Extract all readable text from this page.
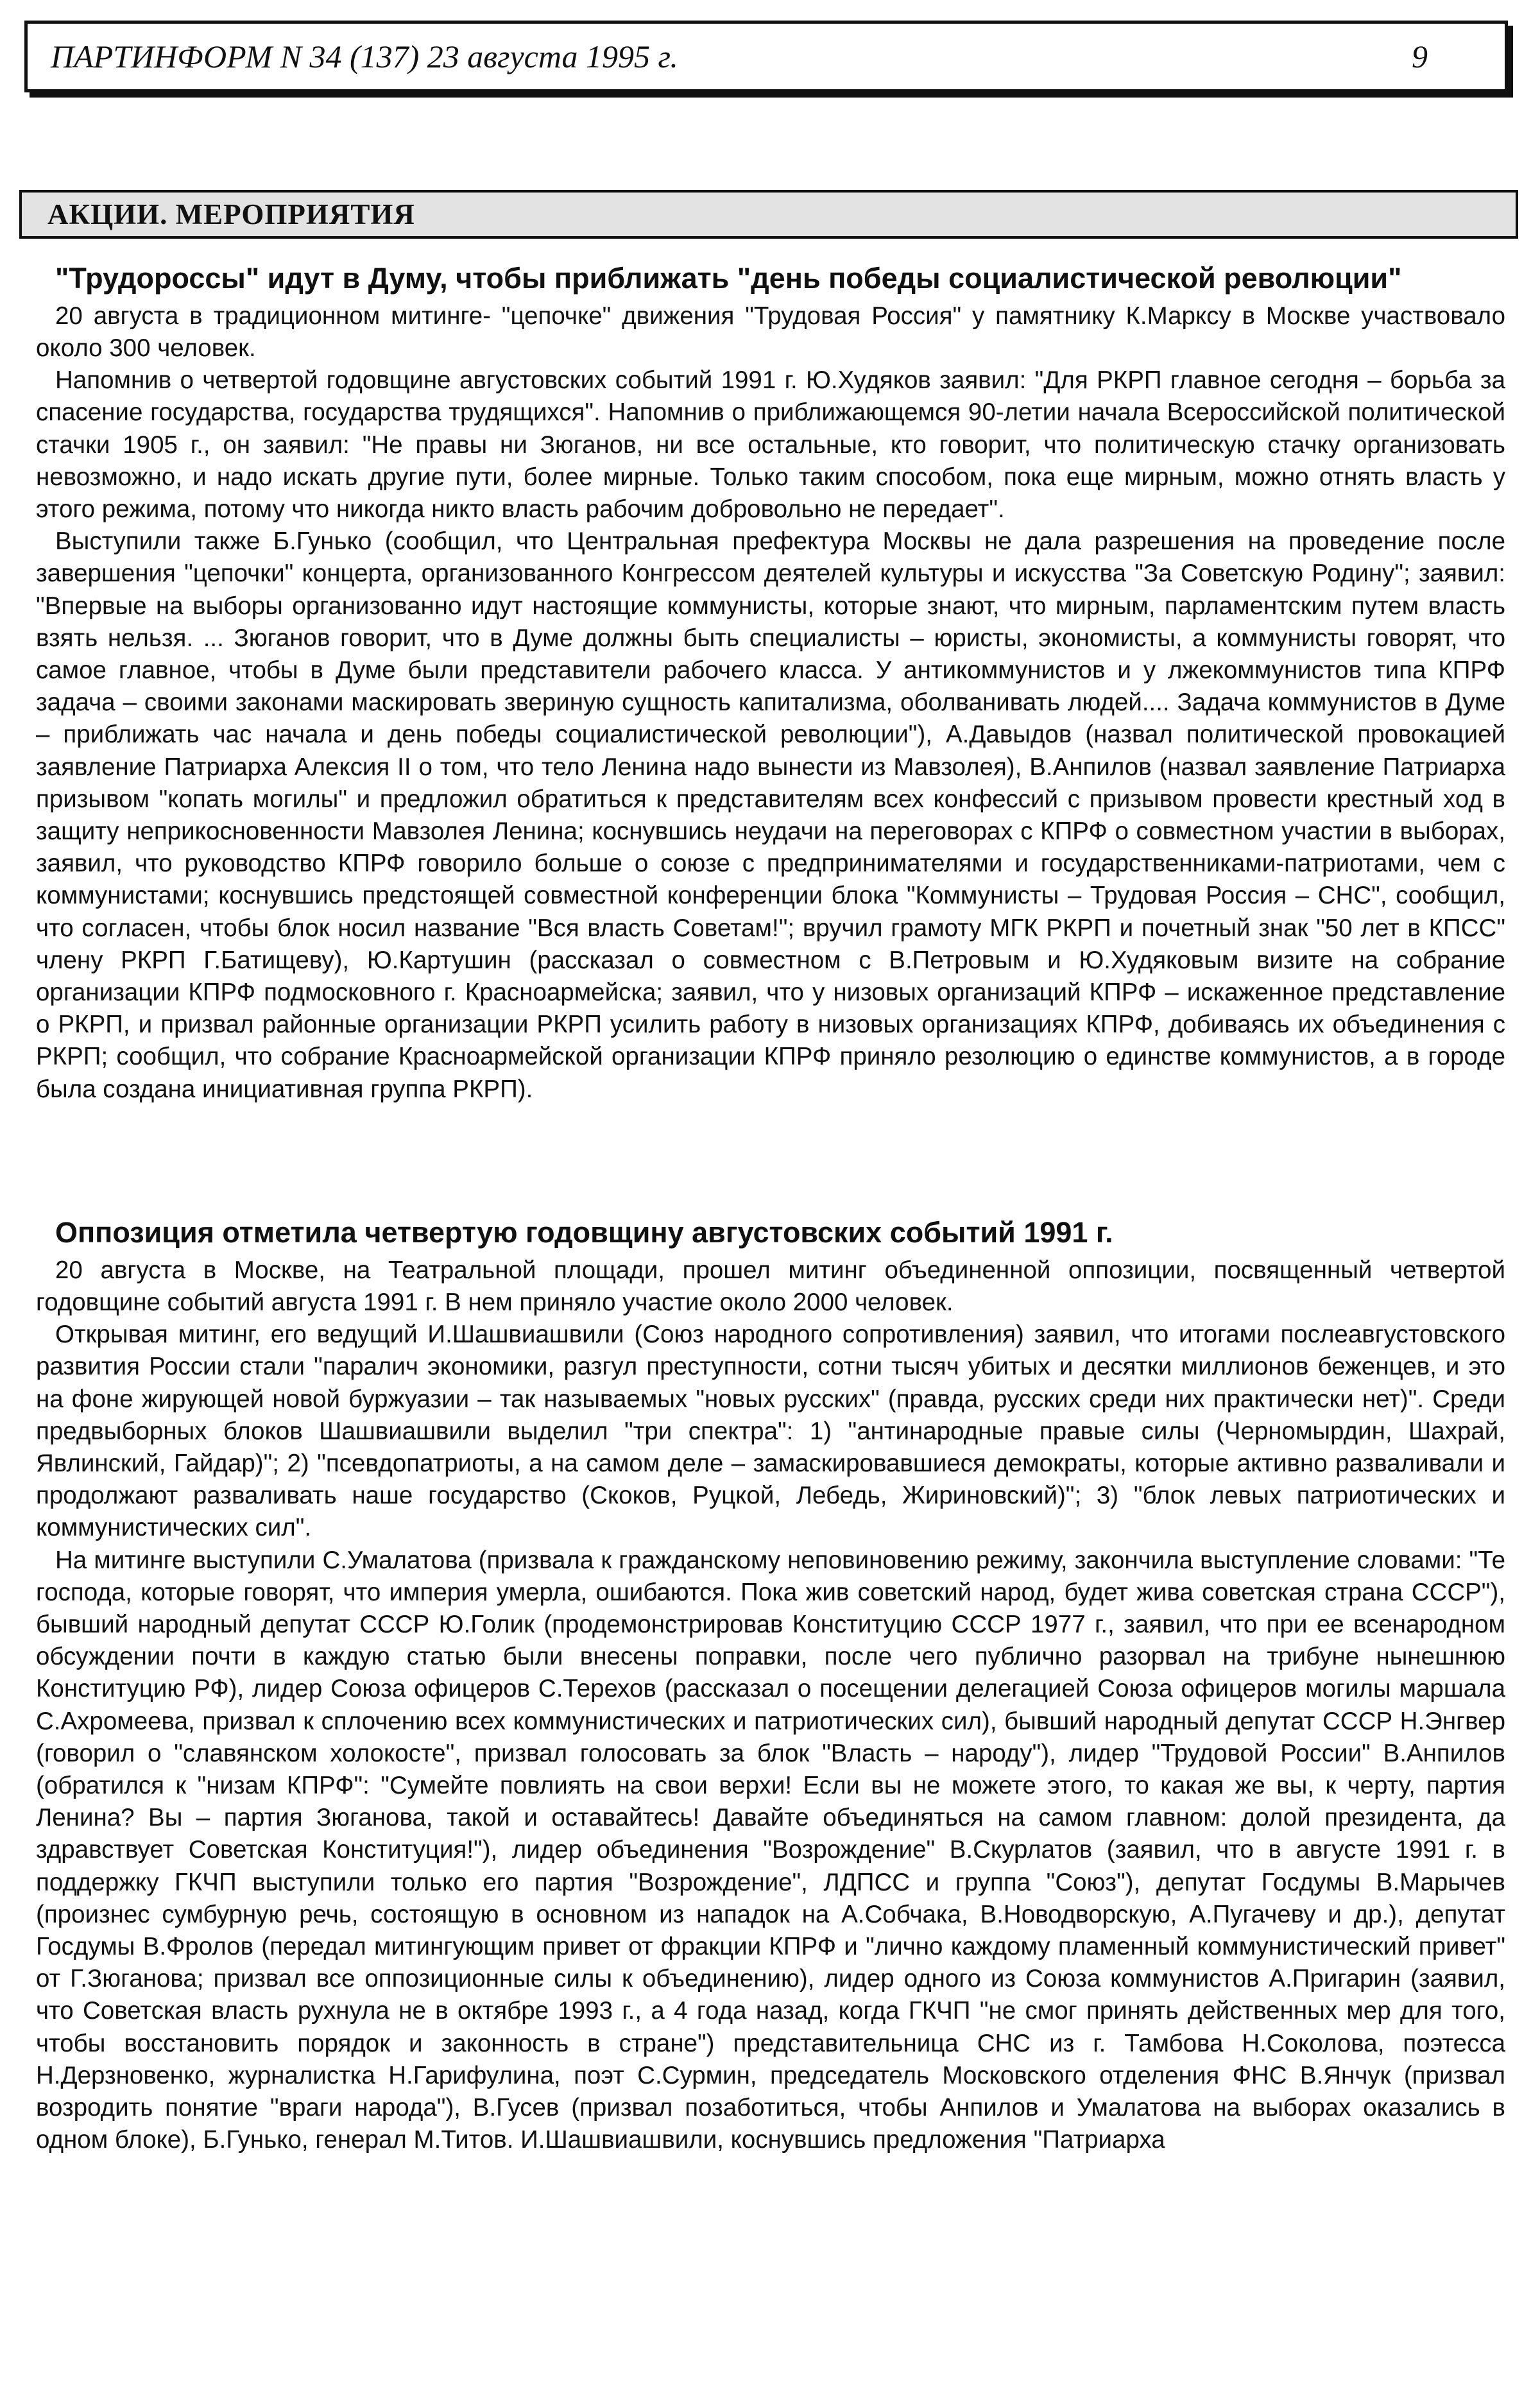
ПАРТИНФОРМ N 34 (137) 23 августа 1995 г.	9
АКЦИИ. МЕРОПРИЯТИЯ
"Трудороссы" идут в Думу, чтобы приближать "день победы социалистической революции"

20 августа в традиционном митинге- "цепочке" движения "Трудовая Россия" у памятнику К.Марксу в Москве участвовало около 300 человек.

Напомнив о четвертой годовщине августовских событий 1991 г. Ю.Худяков заявил: "Для РКРП главное сегодня – борьба за спасение государства, государства трудящихся". Напомнив о приближающемся 90-летии начала Всероссийской политической стачки 1905 г., он заявил: "Не правы ни Зюганов, ни все остальные, кто говорит, что политическую стачку организовать невозможно, и надо искать другие пути, более мирные. Только таким способом, пока еще мирным, можно отнять власть у этого режима, потому что никогда никто власть рабочим добровольно не передает".

Выступили также Б.Гунько (сообщил, что Центральная префектура Москвы не дала разрешения на проведение после завершения "цепочки" концерта, организованного Конгрессом деятелей культуры и искусства "За Советскую Родину"; заявил: "Впервые на выборы организованно идут настоящие коммунисты, которые знают, что мирным, парламентским путем власть взять нельзя. ... Зюганов говорит, что в Думе должны быть специалисты – юристы, экономисты, а коммунисты говорят, что самое главное, чтобы в Думе были представители рабочего класса. У антикоммунистов и у лжекоммунистов типа КПРФ задача – своими законами маскировать звериную сущность капитализма, оболванивать людей.... Задача коммунистов в Думе – приближать час начала и день победы социалистической революции"), А.Давыдов (назвал политической провокацией заявление Патриарха Алексия II о том, что тело Ленина надо вынести из Мавзолея), В.Анпилов (назвал заявление Патриарха призывом "копать могилы" и предложил обратиться к представителям всех конфессий с призывом провести крестный ход в защиту неприкосновенности Мавзолея Ленина; коснувшись неудачи на переговорах с КПРФ о совместном участии в выборах, заявил, что руководство КПРФ говорило больше о союзе с предпринимателями и государственниками-патриотами, чем с коммунистами; коснувшись предстоящей совместной конференции блока "Коммунисты – Трудовая Россия – СНС", сообщил, что согласен, чтобы блок носил название "Вся власть Советам!"; вручил грамоту МГК РКРП и почетный знак "50 лет в КПСС" члену РКРП Г.Батищеву), Ю.Картушин (рассказал о совместном с В.Петровым и Ю.Худяковым визите на собрание организации КПРФ подмосковного г. Красноармейска; заявил, что у низовых организаций КПРФ – искаженное представление о РКРП, и призвал районные организации РКРП усилить работу в низовых организациях КПРФ, добиваясь их объединения с РКРП; сообщил, что собрание Красноармейской организации КПРФ приняло резолюцию о единстве коммунистов, а в городе была создана инициативная группа РКРП).

Оппозиция отметила четвертую годовщину августовских событий 1991 г.

20 августа в Москве, на Театральной площади, прошел митинг объединенной оппозиции, посвященный четвертой годовщине событий августа 1991 г. В нем приняло участие около 2000 человек.

Открывая митинг, его ведущий И.Шашвиашвили (Союз народного сопротивления) заявил, что итогами послеавгустовского развития России стали "паралич экономики, разгул преступности, сотни тысяч убитых и десятки миллионов беженцев, и это на фоне жирующей новой буржуазии – так называемых "новых русских" (правда, русских среди них практически нет)". Среди предвыборных блоков Шашвиашвили выделил "три спектра": 1) "антинародные правые силы (Черномырдин, Шахрай, Явлинский, Гайдар)"; 2) "псевдопатриоты, а на самом деле – замаскировавшиеся демократы, которые активно разваливали и продолжают разваливать наше государство (Скоков, Руцкой, Лебедь, Жириновский)"; 3) "блок левых патриотических и коммунистических сил".

На митинге выступили С.Умалатова (призвала к гражданскому неповиновению режиму, закончила выступление словами: "Те господа, которые говорят, что империя умерла, ошибаются. Пока жив советский народ, будет жива советская страна СССР"), бывший народный депутат СССР Ю.Голик (продемонстрировав Конституцию СССР 1977 г., заявил, что при ее всенародном обсуждении почти в каждую статью были внесены поправки, после чего публично разорвал на трибуне нынешнюю Конституцию РФ), лидер Союза офицеров С.Терехов (рассказал о посещении делегацией Союза офицеров могилы маршала С.Ахромеева, призвал к сплочению всех коммунистических и патриотических сил), бывший народный депутат СССР Н.Энгвер (говорил о "славянском холокосте", призвал голосовать за блок "Власть – народу"), лидер "Трудовой России" В.Анпилов (обратился к "низам КПРФ": "Сумейте повлиять на свои верхи! Если вы не можете этого, то какая же вы, к черту, партия Ленина? Вы – партия Зюганова, такой и оставайтесь! Давайте объединяться на самом главном: долой президента, да здравствует Советская Конституция!"), лидер объединения "Возрождение" В.Скурлатов (заявил, что в августе 1991 г. в поддержку ГКЧП выступили только его партия "Возрождение", ЛДПСС и группа "Союз"), депутат Госдумы В.Марычев (произнес сумбурную речь, состоящую в основном из нападок на А.Собчака, В.Новодворскую, А.Пугачеву и др.), депутат Госдумы В.Фролов (передал митингующим привет от фракции КПРФ и "лично каждому пламенный коммунистический привет" от Г.Зюганова; призвал все оппозиционные силы к объединению), лидер одного из Союза коммунистов А.Пригарин (заявил, что Советская власть рухнула не в октябре 1993 г., а 4 года назад, когда ГКЧП "не смог принять действенных мер для того, чтобы восстановить порядок и законность в стране") представительница СНС из г. Тамбова Н.Соколова, поэтесса Н.Дерзновенко, журналистка Н.Гарифулина, поэт С.Сурмин, председатель Московского отделения ФНС В.Янчук (призвал возродить понятие "враги народа"), В.Гусев (призвал позаботиться, чтобы Анпилов и Умалатова на выборах оказались в одном блоке), Б.Гунько, генерал М.Титов. И.Шашвиашвили, коснувшись предложения "Патриарха
